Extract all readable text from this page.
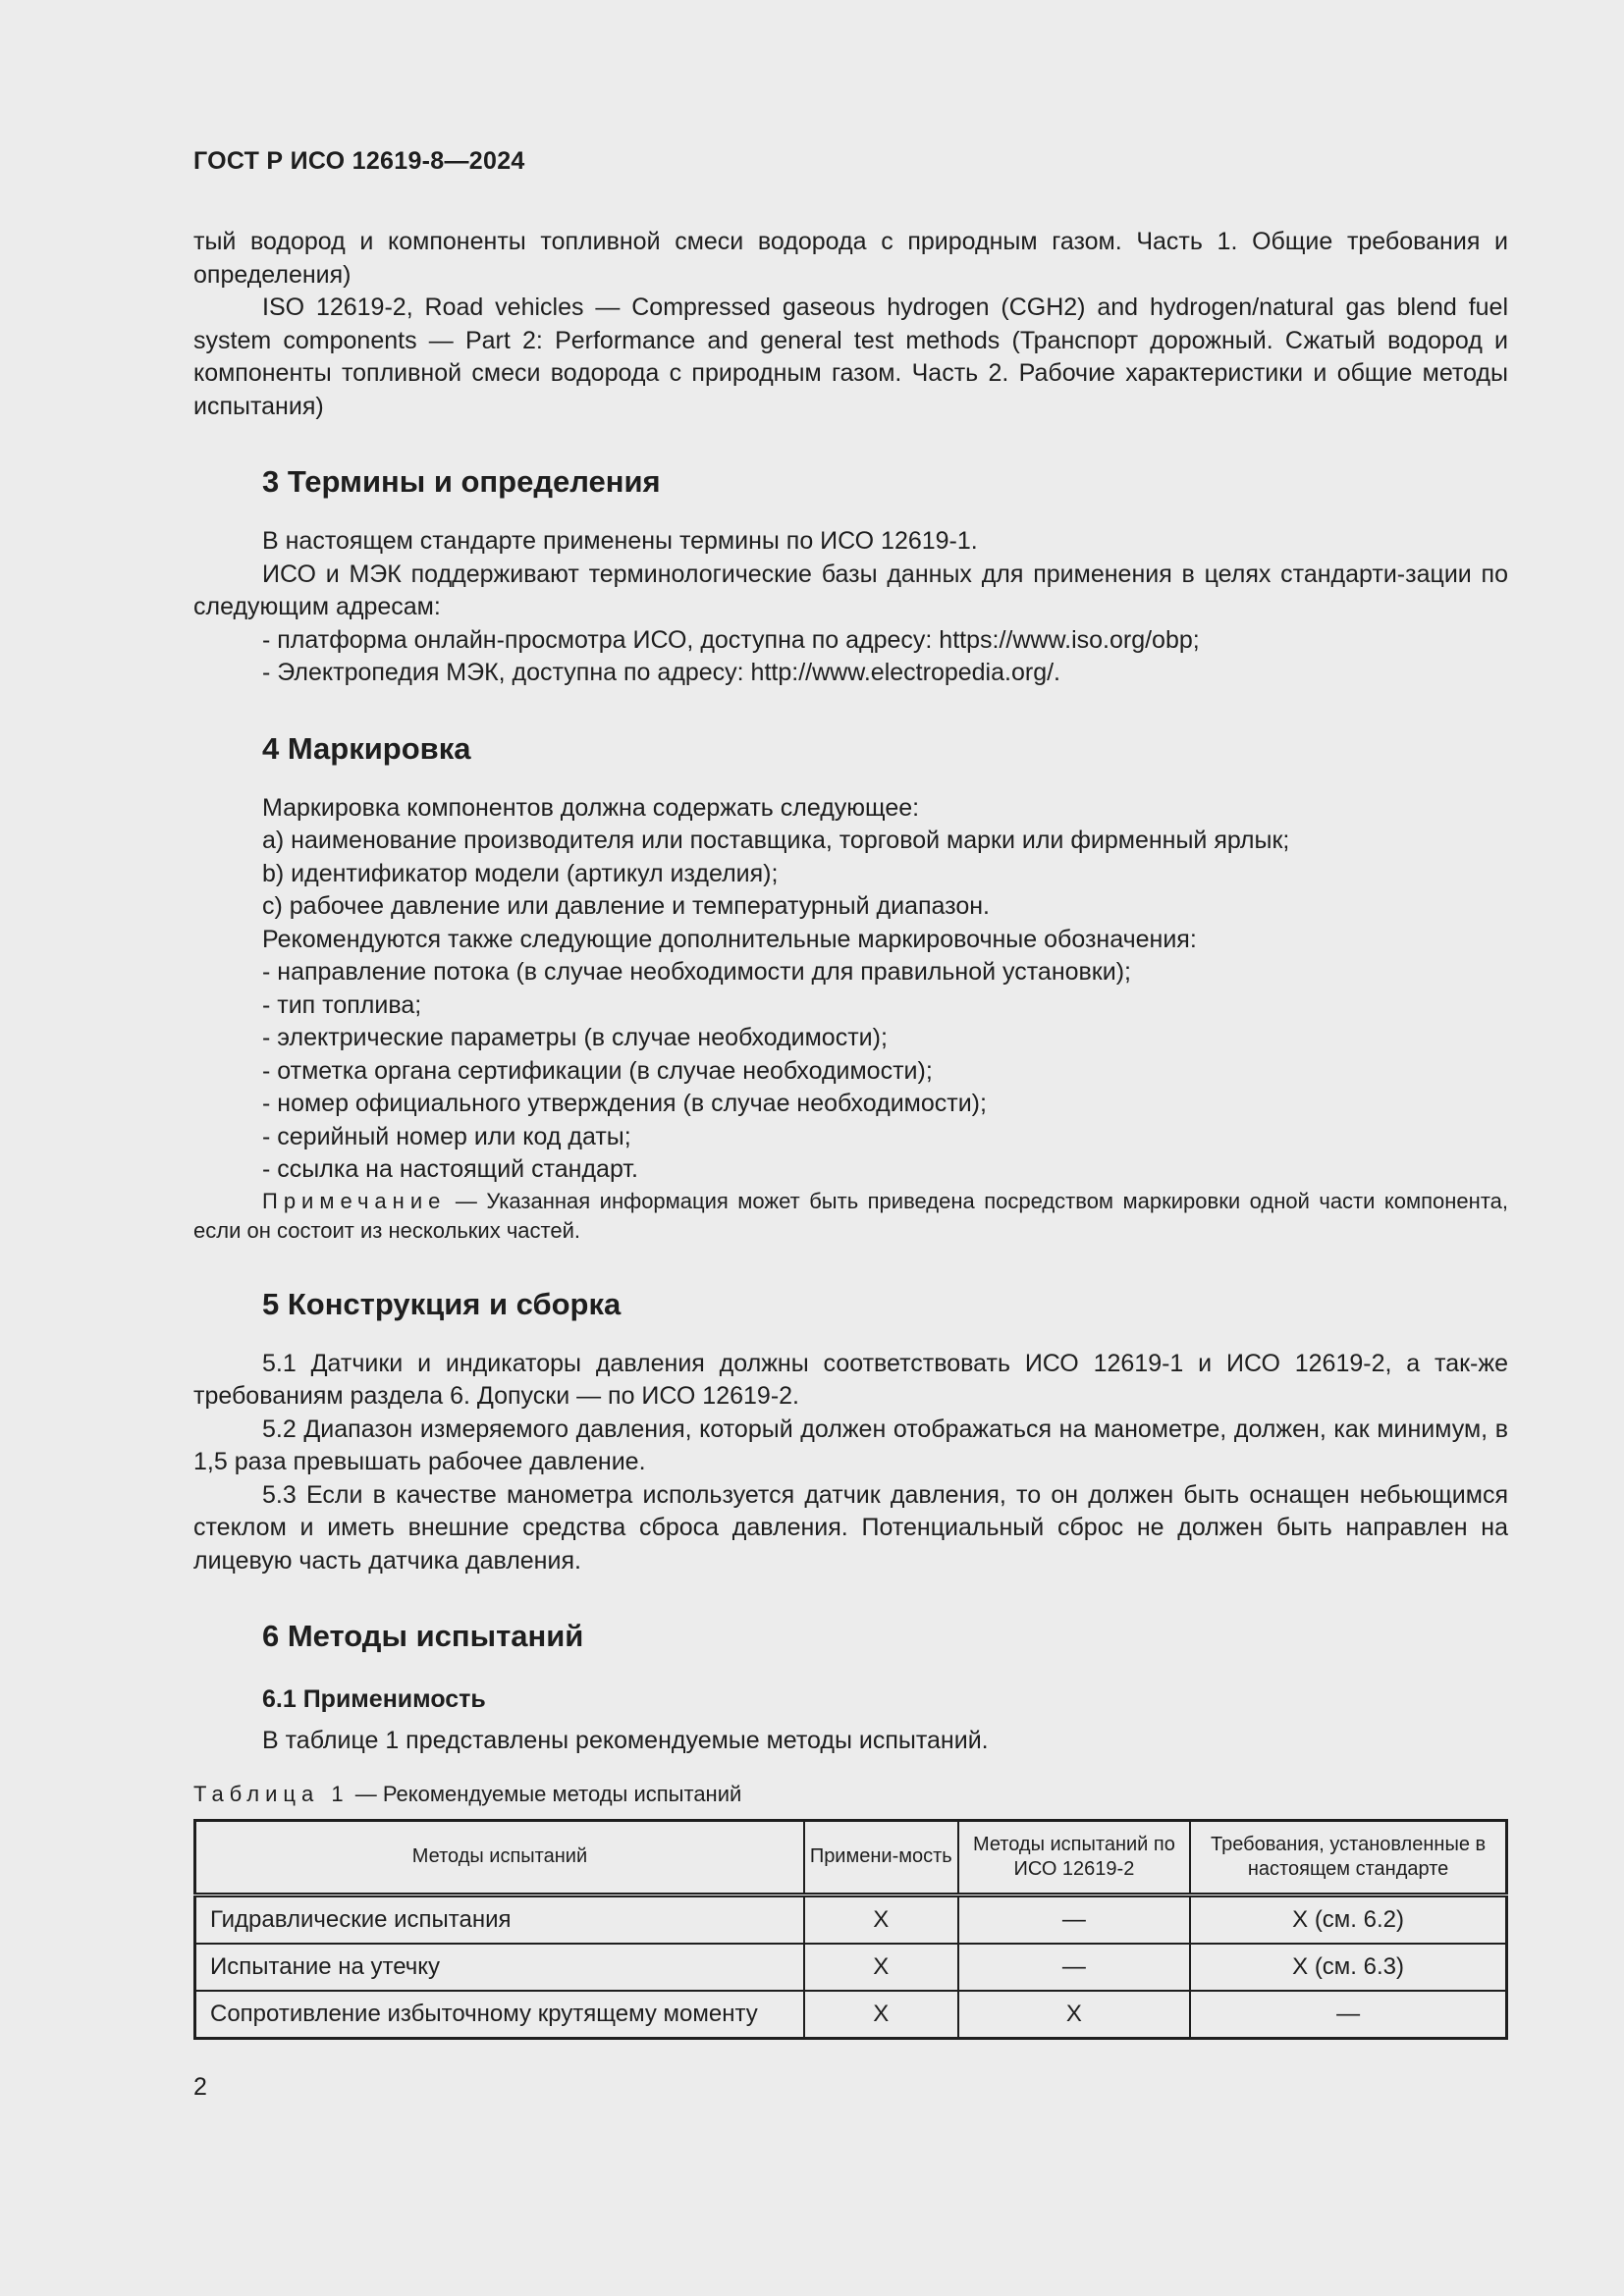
ГОСТ Р ИСО 12619-8—2024

тый водород и компоненты топливной смеси водорода с природным газом. Часть 1. Общие требования и определения)

ISO 12619-2, Road vehicles — Compressed gaseous hydrogen (CGH2) and hydrogen/natural gas blend fuel system components — Part 2: Performance and general test methods (Транспорт дорожный. Сжатый водород и компоненты топливной смеси водорода с природным газом. Часть 2. Рабочие характеристики и общие методы испытания)

3 Термины и определения

В настоящем стандарте применены термины по ИСО 12619-1.

ИСО и МЭК поддерживают терминологические базы данных для применения в целях стандарти-зации по следующим адресам:

- платформа онлайн-просмотра ИСО, доступна по адресу: https://www.iso.org/obp;
- Электропедия МЭК, доступна по адресу: http://www.electropedia.org/.
4 Маркировка
Маркировка компонентов должна содержать следующее:
a) наименование производителя или поставщика, торговой марки или фирменный ярлык;
b) идентификатор модели (артикул изделия);
c) рабочее давление или давление и температурный диапазон.
Рекомендуются также следующие дополнительные маркировочные обозначения:
- направление потока (в случае необходимости для правильной установки);
- тип топлива;
- электрические параметры (в случае необходимости);
- отметка органа сертификации (в случае необходимости);
- номер официального утверждения (в случае необходимости);
- серийный номер или код даты;
- ссылка на настоящий стандарт.

Примечание — Указанная информация может быть приведена посредством маркировки одной части компонента, если он состоит из нескольких частей.

5 Конструкция и сборка

5.1 Датчики и индикаторы давления должны соответствовать ИСО 12619-1 и ИСО 12619-2, а так-же требованиям раздела 6. Допуски — по ИСО 12619-2.

5.2 Диапазон измеряемого давления, который должен отображаться на манометре, должен, как минимум, в 1,5 раза превышать рабочее давление.

5.3 Если в качестве манометра используется датчик давления, то он должен быть оснащен небьющимся стеклом и иметь внешние средства сброса давления. Потенциальный сброс не должен быть направлен на лицевую часть датчика давления.

6 Методы испытаний
6.1 Применимость

В таблице 1 представлены рекомендуемые методы испытаний.

Таблица 1 — Рекомендуемые методы испытаний
Методы испытаний	Примени-мость	Методы испытаний по ИСО 12619-2	Требования, установленные в настоящем стандарте
Гидравлические испытания	X	—	X (см. 6.2)
Испытание на утечку	X	—	X (см. 6.3)
Сопротивление избыточному крутящему моменту	X	X	—
2
